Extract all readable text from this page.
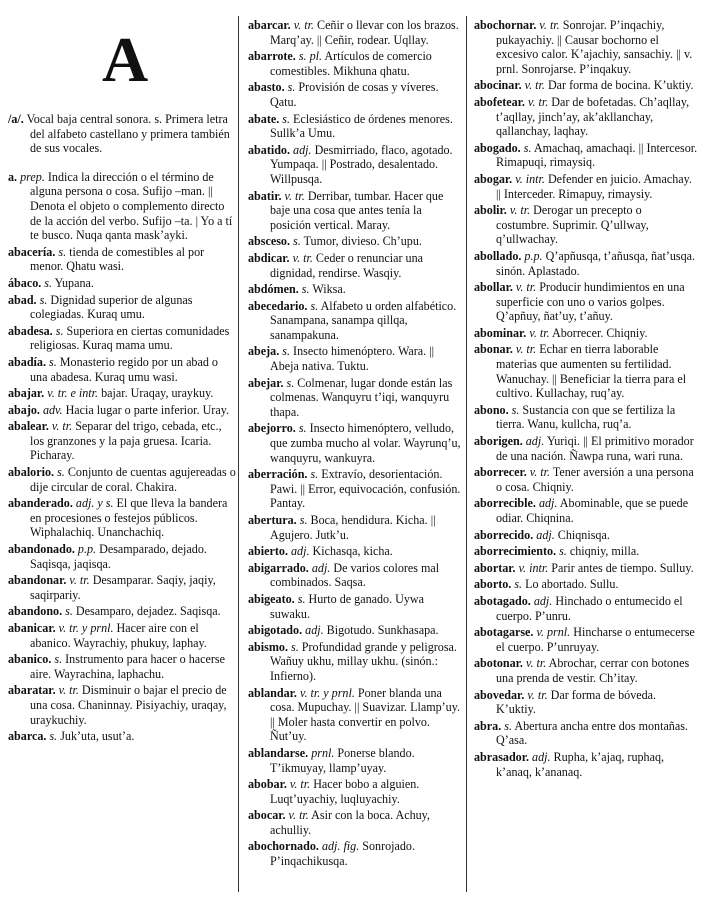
A

/a/. Vocal baja central sonora. s. Primera letra del alfabeto castellano y primera también de sus vocales.

a. prep. Indica la dirección o el término de alguna persona o cosa. Sufijo –man. || Denota el objeto o complemento directo de la acción del verbo. Sufijo –ta. | Yo a tí te busco. Nuqa qanta mask’ayki.

abacería. s. tienda de comestibles al por menor. Qhatu wasi.

ábaco. s. Yupana.

abad. s. Dignidad superior de algunas colegiadas. Kuraq umu.

abadesa. s. Superiora en ciertas comunidades religiosas. Kuraq mama umu.

abadía. s. Monasterio regido por un abad o una abadesa. Kuraq umu wasi.

abajar. v. tr. e intr. bajar. Uraqay, uraykuy.

abajo. adv. Hacia lugar o parte inferior. Uray.

abalear. v. tr. Separar del trigo, cebada, etc., los granzones y la paja gruesa. Icaria. Picharay.

abalorio. s. Conjunto de cuentas agujereadas o dije circular de coral. Chakira.

abanderado. adj. y s. El que lleva la bandera en procesiones o festejos públicos. Wiphalachiq. Unanchachiq.

abandonado. p.p. Desamparado, dejado. Saqisqa, jaqisqa.

abandonar. v. tr. Desamparar. Saqiy, jaqiy, saqirpariy.

abandono. s. Desamparo, dejadez. Saqisqa.

abanicar. v. tr. y prnl. Hacer aire con el abanico. Wayrachiy, phukuy, laphay.

abanico. s. Instrumento para hacer o hacerse aire. Wayrachina, laphachu.

abaratar. v. tr. Disminuir o bajar el precio de una cosa. Chaninnay. Pisiyachiy, uraqay, uraykuchiy.

abarca. s. Juk’uta, usut’a.

abarcar. v. tr. Ceñir o llevar con los brazos. Marq’ay. || Ceñir, rodear. Uqllay.

abarrote. s. pl. Artículos de comercio comestibles. Mikhuna qhatu.

abasto. s. Provisión de cosas y víveres. Qatu.

abate. s. Eclesiástico de órdenes menores. Sullk’a Umu.

abatido. adj. Desmirriado, flaco, agotado. Yumpaqa. || Postrado, desalentado. Willpusqa.

abatir. v. tr. Derribar, tumbar. Hacer que baje una cosa que antes tenía la posición vertical. Maray.

absceso. s. Tumor, divieso. Ch’upu.

abdicar. v. tr. Ceder o renunciar una dignidad, rendirse. Wasqiy.

abdómen. s. Wiksa.

abecedario. s. Alfabeto u orden alfabético. Sanampana, sanampa qillqa, sanampakuna.

abeja. s. Insecto himenóptero. Wara. || Abeja nativa. Tuktu.

abejar. s. Colmenar, lugar donde están las colmenas. Wanquyru t’iqi, wanquyru thapa.

abejorro. s. Insecto himenóptero, velludo, que zumba mucho al volar. Wayrunq’u, wanquyru, wankuyra.

aberración. s. Extravío, desorientación. Pawi. || Error, equivocación, confusión. Pantay.

abertura. s. Boca, hendidura. Kicha. || Agujero. Jutk’u.

abierto. adj. Kichasqa, kicha.

abigarrado. adj. De varios colores mal combinados. Saqsa.

abigeato. s. Hurto de ganado. Uywa suwaku.

abigotado. adj. Bigotudo. Sunkhasapa.

abismo. s. Profundidad grande y peligrosa. Wañuy ukhu, millay ukhu. (sinón.: Infierno).

ablandar. v. tr. y prnl. Poner blanda una cosa. Mupuchay. || Suavizar. Llamp’uy. || Moler hasta convertir en polvo. Ñut’uy.

ablandarse. prnl. Ponerse blando. T’ikmuyay, llamp’uyay.

abobar. v. tr. Hacer bobo a alguien. Luqt’uyachiy, luqluyachiy.

abocar. v. tr. Asir con la boca. Achuy, achulliy.

abochornado. adj. fig. Sonrojado. P’inqachikusqa.

abochornar. v. tr. Sonrojar. P’inqachiy, pukayachiy. || Causar bochorno el excesivo calor. K’ajachiy, sansachiy. || v. prnl. Sonrojarse. P’inqakuy.

abocinar. v. tr. Dar forma de bocina. K’uktiy.

abofetear. v. tr. Dar de bofetadas. Ch’aqllay, t’aqllay, jinch’ay, ak’akllanchay, qallanchay, laqhay.

abogado. s. Amachaq, amachaqi. || Intercesor. Rimapuqi, rimaysiq.

abogar. v. intr. Defender en juicio. Amachay. || Interceder. Rimapuy, rimaysiy.

abolir. v. tr. Derogar un precepto o costumbre. Suprimir. Q’ullway, q’ullwachay.

abollado. p.p. Q’apñusqa, t’añusqa, ñat’usqa. sinón. Aplastado.

abollar. v. tr. Producir hundimientos en una superficie con uno o varios golpes. Q’apñuy, ñat’uy, t’añuy.

abominar. v. tr. Aborrecer. Chiqniy.

abonar. v. tr. Echar en tierra laborable materias que aumenten su fertilidad. Wanuchay. || Beneficiar la tierra para el cultivo. Kullachay, ruq’ay.

abono. s. Sustancia con que se fertiliza la tierra. Wanu, kullcha, ruq’a.

aborigen. adj. Yuriqi. || El primitivo morador de una nación. Ñawpa runa, wari runa.

aborrecer. v. tr. Tener aversión a una persona o cosa. Chiqniy.

aborrecible. adj. Abominable, que se puede odiar. Chiqnina.

aborrecido. adj. Chiqnisqa.

aborrecimiento. s. chiqniy, milla.

abortar. v. intr. Parir antes de tiempo. Sulluy.

aborto. s. Lo abortado. Sullu.

abotagado. adj. Hinchado o entumecido el cuerpo. P’unru.

abotagarse. v. prnl. Hincharse o entumecerse el cuerpo. P’unruyay.

abotonar. v. tr. Abrochar, cerrar con botones una prenda de vestir. Ch’itay.

abovedar. v. tr. Dar forma de bóveda. K’uktiy.

abra. s. Abertura ancha entre dos montañas. Q’asa.

abrasador. adj. Rupha, k’ajaq, ruphaq, k’anaq, k’ananaq.
